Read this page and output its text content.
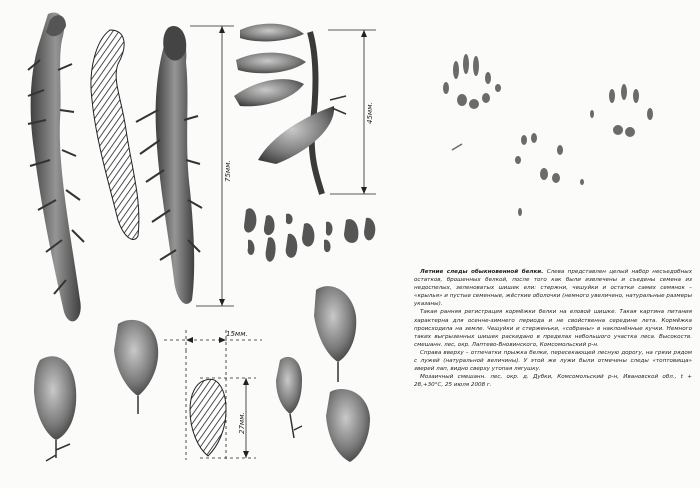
75мм.
45мм.
15мм.
27мм.

Летние следы обыкновенной белки. Слева представлен целый набор несъедобных остатков, брошенных белкой, после того как были извлечены и съедены семена из недоспелых, зеленоватых шишек ели: стержни, чешуйки и остатки самих семянок – «крылья» и пустые семенные, жёсткие оболочки (немного увеличено, натуральные размеры указаны).

Такая ранняя регистрация кормёжки белки на еловой шишке. Такая картина питания характерна для осенне-зимнего периода и не свойственна середине лета. Кормёжка происходила на земле. Чешуйки и стерженьки, «собраны» в наклонённые кучки. Немного таких выгрызенных шишек раскидано в пределах небольшого участка леса. Высокоств. смешанн. лес, окр. Лаптево-Вновинского, Комсомольский р-н.

Справа вверху – отпечатки прыжка белки, пересекающей лесную дорогу, на грязи рядом с лужей (натуральной величины). У этой же лужи были отмечены следы «топтовища» зверей лап, видно сверху утопая лягушку.

Мозаичный смешанн. лес, окр. д. Дубки, Комсомольский р-н, Ивановской обл., t + 28,+30°С, 25 июля 2008 г.
